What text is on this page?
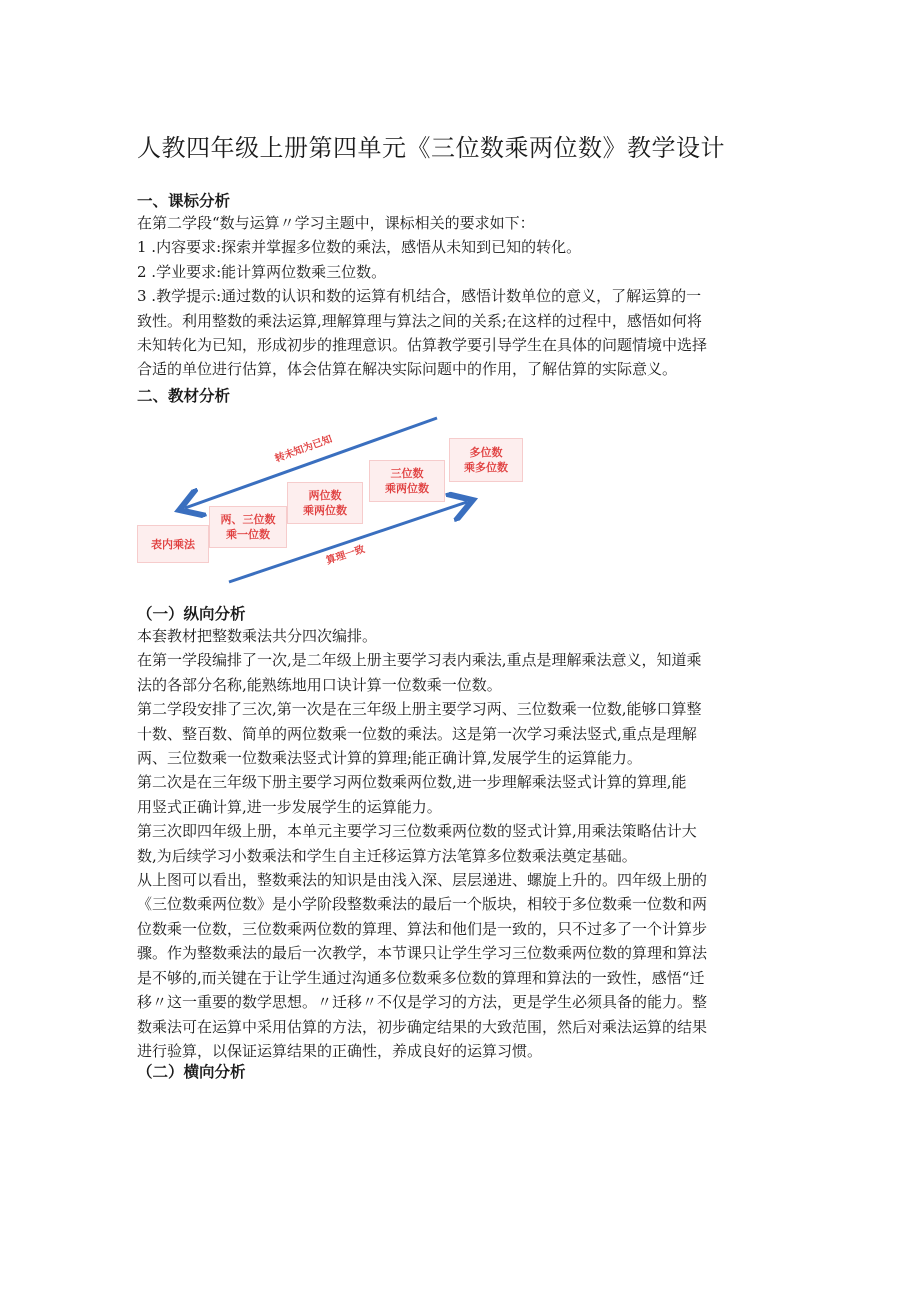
人教四年级上册第四单元《三位数乘两位数》教学设计
一、课标分析
在第二学段“数与运算〃学习主题中，课标相关的要求如下：
1 .内容要求:探索并掌握多位数的乘法，感悟从未知到已知的转化。
2 .学业要求:能计算两位数乘三位数。
3 .教学提示:通过数的认识和数的运算有机结合，感悟计数单位的意义，了解运算的一
致性。利用整数的乘法运算,理解算理与算法之间的关系;在这样的过程中，感悟如何将
未知转化为已知，形成初步的推理意识。估算教学要引导学生在具体的问题情境中选择
合适的单位进行估算，体会估算在解决实际问题中的作用，了解估算的实际意义。
二、教材分析
转未知为已知
算理一致
表内乘法
两、三位数
乘一位数
两位数
乘两位数
三位数
乘两位数
多位数
乘多位数
（一）纵向分析
本套教材把整数乘法共分四次编排。
在第一学段编排了一次,是二年级上册主要学习表内乘法,重点是理解乘法意义，知道乘
法的各部分名称,能熟练地用口诀计算一位数乘一位数。
第二学段安排了三次,第一次是在三年级上册主要学习两、三位数乘一位数,能够口算整
十数、整百数、简单的两位数乘一位数的乘法。这是第一次学习乘法竖式,重点是理解
两、三位数乘一位数乘法竖式计算的算理;能正确计算,发展学生的运算能力。
第二次是在三年级下册主要学习两位数乘两位数,进一步理解乘法竖式计算的算理,能
用竖式正确计算,进一步发展学生的运算能力。
第三次即四年级上册，本单元主要学习三位数乘两位数的竖式计算,用乘法策略估计大
数,为后续学习小数乘法和学生自主迁移运算方法笔算多位数乘法奠定基础。
从上图可以看出，整数乘法的知识是由浅入深、层层递进、螺旋上升的。四年级上册的
《三位数乘两位数》是小学阶段整数乘法的最后一个版块，相较于多位数乘一位数和两
位数乘一位数，三位数乘两位数的算理、算法和他们是一致的，只不过多了一个计算步
骤。作为整数乘法的最后一次教学，本节课只让学生学习三位数乘两位数的算理和算法
是不够的,而关键在于让学生通过沟通多位数乘多位数的算理和算法的一致性，感悟“迁
移〃这一重要的数学思想。〃迁移〃不仅是学习的方法，更是学生必须具备的能力。整
数乘法可在运算中采用估算的方法，初步确定结果的大致范围，然后对乘法运算的结果
进行验算，以保证运算结果的正确性，养成良好的运算习惯。
（二）横向分析
